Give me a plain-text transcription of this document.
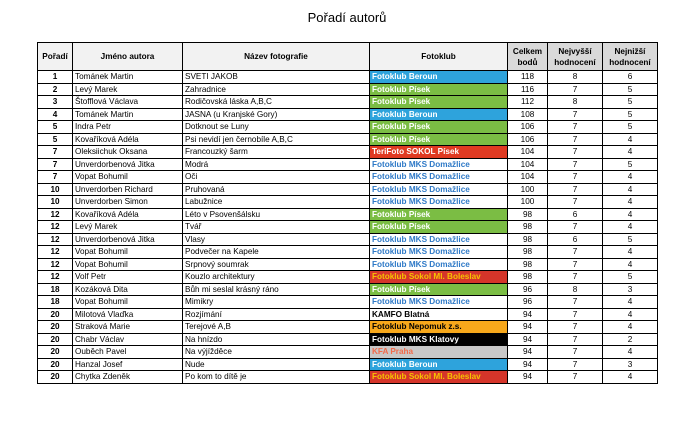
Pořadí autorů
Pořadí	Jméno autora	Název fotografie	Fotoklub	Celkem bodů	Nejvyšší hodnocení	Nejnižší hodnocení
1	Tománek Martin	SVETI JAKOB	Fotoklub Beroun	118	8	6
2	Levý Marek	Zahradnice	Fotoklub Písek	116	7	5
3	Štofflová Václava	Rodičovská láska A,B,C	Fotoklub Písek	112	8	5
4	Tománek Martin	JASNA (u Kranjské Gory)	Fotoklub Beroun	108	7	5
5	Indra Petr	Dotknout se Luny	Fotoklub Písek	106	7	5
5	Kovaříková Adéla	Psi nevidí jen černobíle A,B,C	Fotoklub Písek	106	7	4
7	Oleksiichuk Oksana	Francouzký šarm	TeriFoto SOKOL Písek	104	7	4
7	Unverdorbenová Jitka	Modrá	Fotoklub MKS Domažlice	104	7	5
7	Vopat Bohumil	Oči	Fotoklub MKS Domažlice	104	7	4
10	Unverdorben Richard	Pruhovaná	Fotoklub MKS Domažlice	100	7	4
10	Unverdorben Simon	Labužnice	Fotoklub MKS Domažlice	100	7	4
12	Kovaříková Adéla	Léto v Psovenšálsku	Fotoklub Písek	98	6	4
12	Levý Marek	Tvář	Fotoklub Písek	98	7	4
12	Unverdorbenová Jitka	Vlasy	Fotoklub MKS Domažlice	98	6	5
12	Vopat Bohumil	Podvečer na Kapele	Fotoklub MKS Domažlice	98	7	4
12	Vopat Bohumil	Srpnový soumrak	Fotoklub MKS Domažlice	98	7	4
12	Volf Petr	Kouzlo architektury	Fotoklub Sokol Ml. Boleslav	98	7	5
18	Kozáková Dita	Bůh mi seslal krásný ráno	Fotoklub Písek	96	8	3
18	Vopat Bohumil	Mimikry	Fotoklub MKS Domažlice	96	7	4
20	Milotová Vlaďka	Rozjímání	KAMFO Blatná	94	7	4
20	Straková Marie	Terejové A,B	Fotoklub Nepomuk z.s.	94	7	4
20	Chabr Václav	Na hnízdo	Fotoklub MKS Klatovy	94	7	2
20	Ouběch Pavel	Na výjížděce	KFA Praha	94	7	4
20	Hanzal Josef	Nude	Fotoklub Beroun	94	7	3
20	Chytka Zdeněk	Po kom to dítě je	Fotoklub Sokol Ml. Boleslav	94	7	4
